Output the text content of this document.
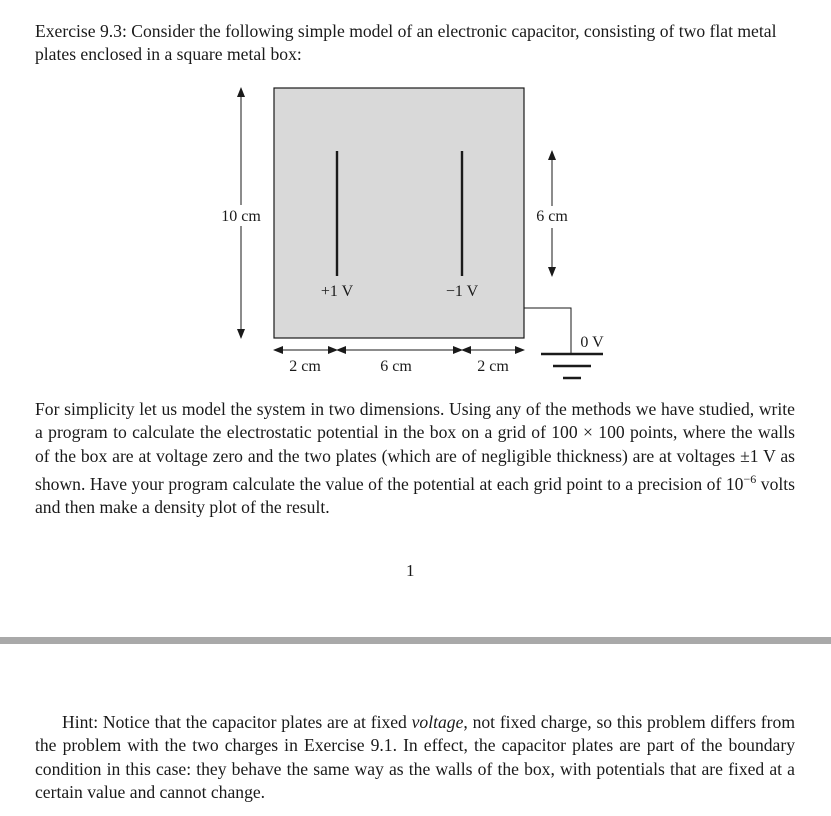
Exercise 9.3: Consider the following simple model of an electronic capacitor, consisting of two flat metal plates enclosed in a square metal box:

+1 V	−1 V
10 cm	6 cm
0 V
2 cm	6 cm	2 cm

For simplicity let us model the system in two dimensions. Using any of the methods we have studied, write a program to calculate the electrostatic potential in the box on a grid of 100 × 100 points, where the walls of the box are at voltage zero and the two plates (which are of negligible thickness) are at voltages ±1 V as shown. Have your program calculate the value of the potential at each grid point to a precision of $10^{-6}$ volts and then make a density plot of the result.

1

Hint: Notice that the capacitor plates are at fixed voltage, not fixed charge, so this problem differs from the problem with the two charges in Exercise 9.1. In effect, the capacitor plates are part of the boundary condition in this case: they behave the same way as the walls of the box, with potentials that are fixed at a certain value and cannot change.
